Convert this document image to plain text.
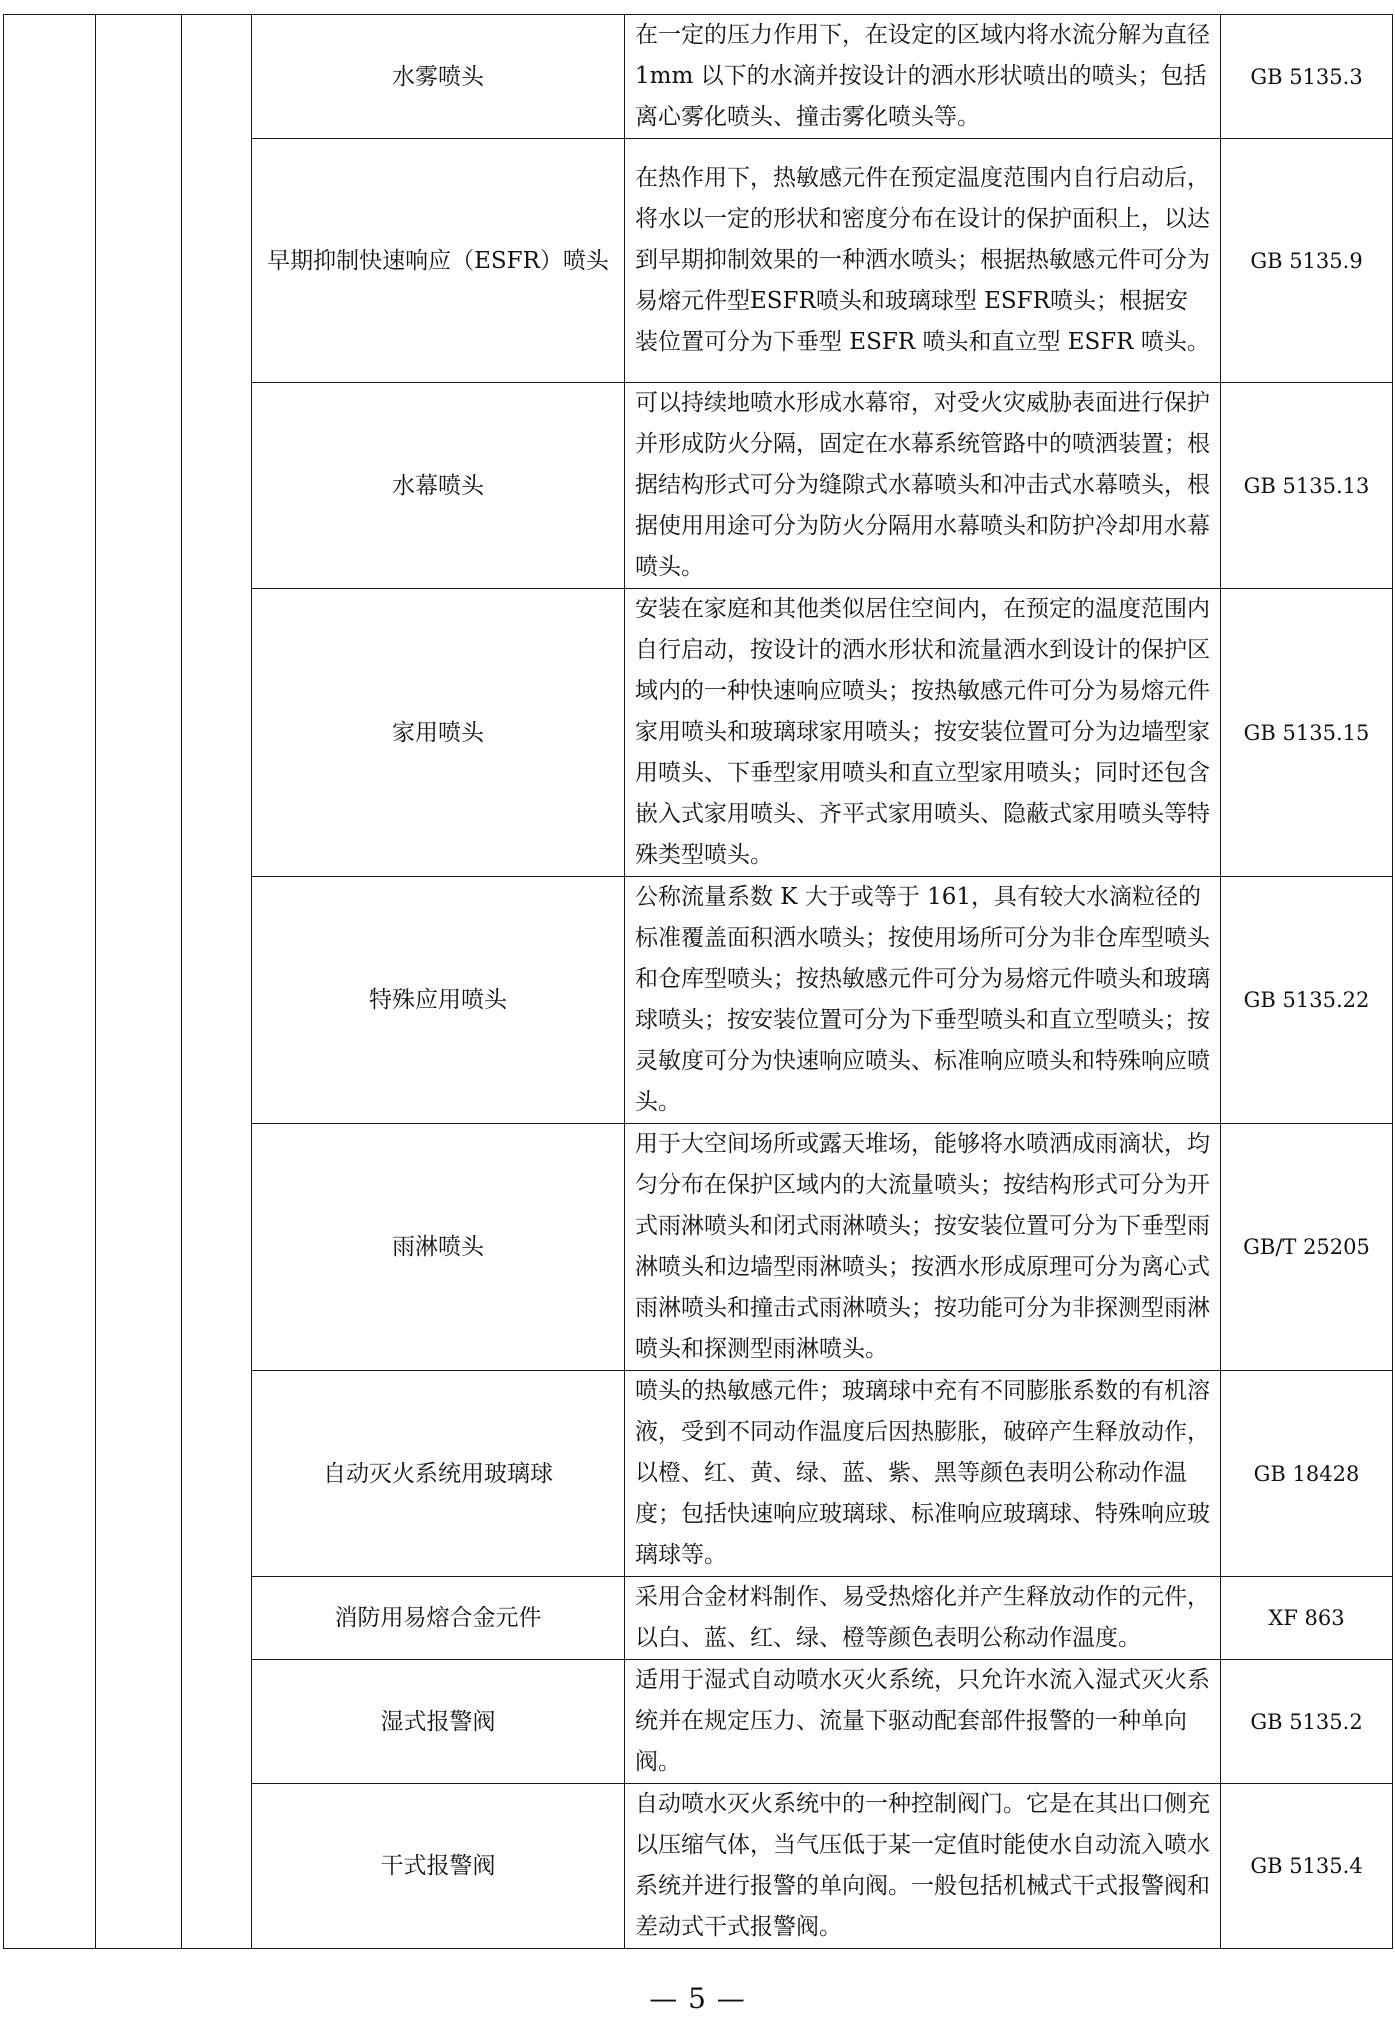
			水雾喷头	在一定的压力作用下，在设定的区域内将水流分解为直径 1mm 以下的水滴并按设计的洒水形状喷出的喷头；包括离心雾化喷头、撞击雾化喷头等。	GB 5135.3
			早期抑制快速响应（ESFR）喷头	在热作用下，热敏感元件在预定温度范围内自行启动后，将水以一定的形状和密度分布在设计的保护面积上，以达到早期抑制效果的一种洒水喷头；根据热敏感元件可分为易熔元件型ESFR喷头和玻璃球型 ESFR喷头；根据安装位置可分为下垂型 ESFR 喷头和直立型 ESFR 喷头。	GB 5135.9
			水幕喷头	可以持续地喷水形成水幕帘，对受火灾威胁表面进行保护并形成防火分隔，固定在水幕系统管路中的喷洒装置；根据结构形式可分为缝隙式水幕喷头和冲击式水幕喷头，根据使用用途可分为防火分隔用水幕喷头和防护冷却用水幕喷头。	GB 5135.13
			家用喷头	安装在家庭和其他类似居住空间内，在预定的温度范围内自行启动，按设计的洒水形状和流量洒水到设计的保护区域内的一种快速响应喷头；按热敏感元件可分为易熔元件家用喷头和玻璃球家用喷头；按安装位置可分为边墙型家用喷头、下垂型家用喷头和直立型家用喷头；同时还包含嵌入式家用喷头、齐平式家用喷头、隐蔽式家用喷头等特殊类型喷头。	GB 5135.15
			特殊应用喷头	公称流量系数 K 大于或等于 161，具有较大水滴粒径的标准覆盖面积洒水喷头；按使用场所可分为非仓库型喷头和仓库型喷头；按热敏感元件可分为易熔元件喷头和玻璃球喷头；按安装位置可分为下垂型喷头和直立型喷头；按灵敏度可分为快速响应喷头、标准响应喷头和特殊响应喷头。	GB 5135.22
			雨淋喷头	用于大空间场所或露天堆场，能够将水喷洒成雨滴状，均匀分布在保护区域内的大流量喷头；按结构形式可分为开式雨淋喷头和闭式雨淋喷头；按安装位置可分为下垂型雨淋喷头和边墙型雨淋喷头；按洒水形成原理可分为离心式雨淋喷头和撞击式雨淋喷头；按功能可分为非探测型雨淋喷头和探测型雨淋喷头。	GB/T 25205
			自动灭火系统用玻璃球	喷头的热敏感元件；玻璃球中充有不同膨胀系数的有机溶液，受到不同动作温度后因热膨胀，破碎产生释放动作，以橙、红、黄、绿、蓝、紫、黑等颜色表明公称动作温度；包括快速响应玻璃球、标准响应玻璃球、特殊响应玻璃球等。	GB 18428
			消防用易熔合金元件	采用合金材料制作、易受热熔化并产生释放动作的元件，以白、蓝、红、绿、橙等颜色表明公称动作温度。	XF 863
			湿式报警阀	适用于湿式自动喷水灭火系统，只允许水流入湿式灭火系统并在规定压力、流量下驱动配套部件报警的一种单向阀。	GB 5135.2
			干式报警阀	自动喷水灭火系统中的一种控制阀门。它是在其出口侧充以压缩气体，当气压低于某一定值时能使水自动流入喷水系统并进行报警的单向阀。一般包括机械式干式报警阀和差动式干式报警阀。	GB 5135.4
— 5 —
